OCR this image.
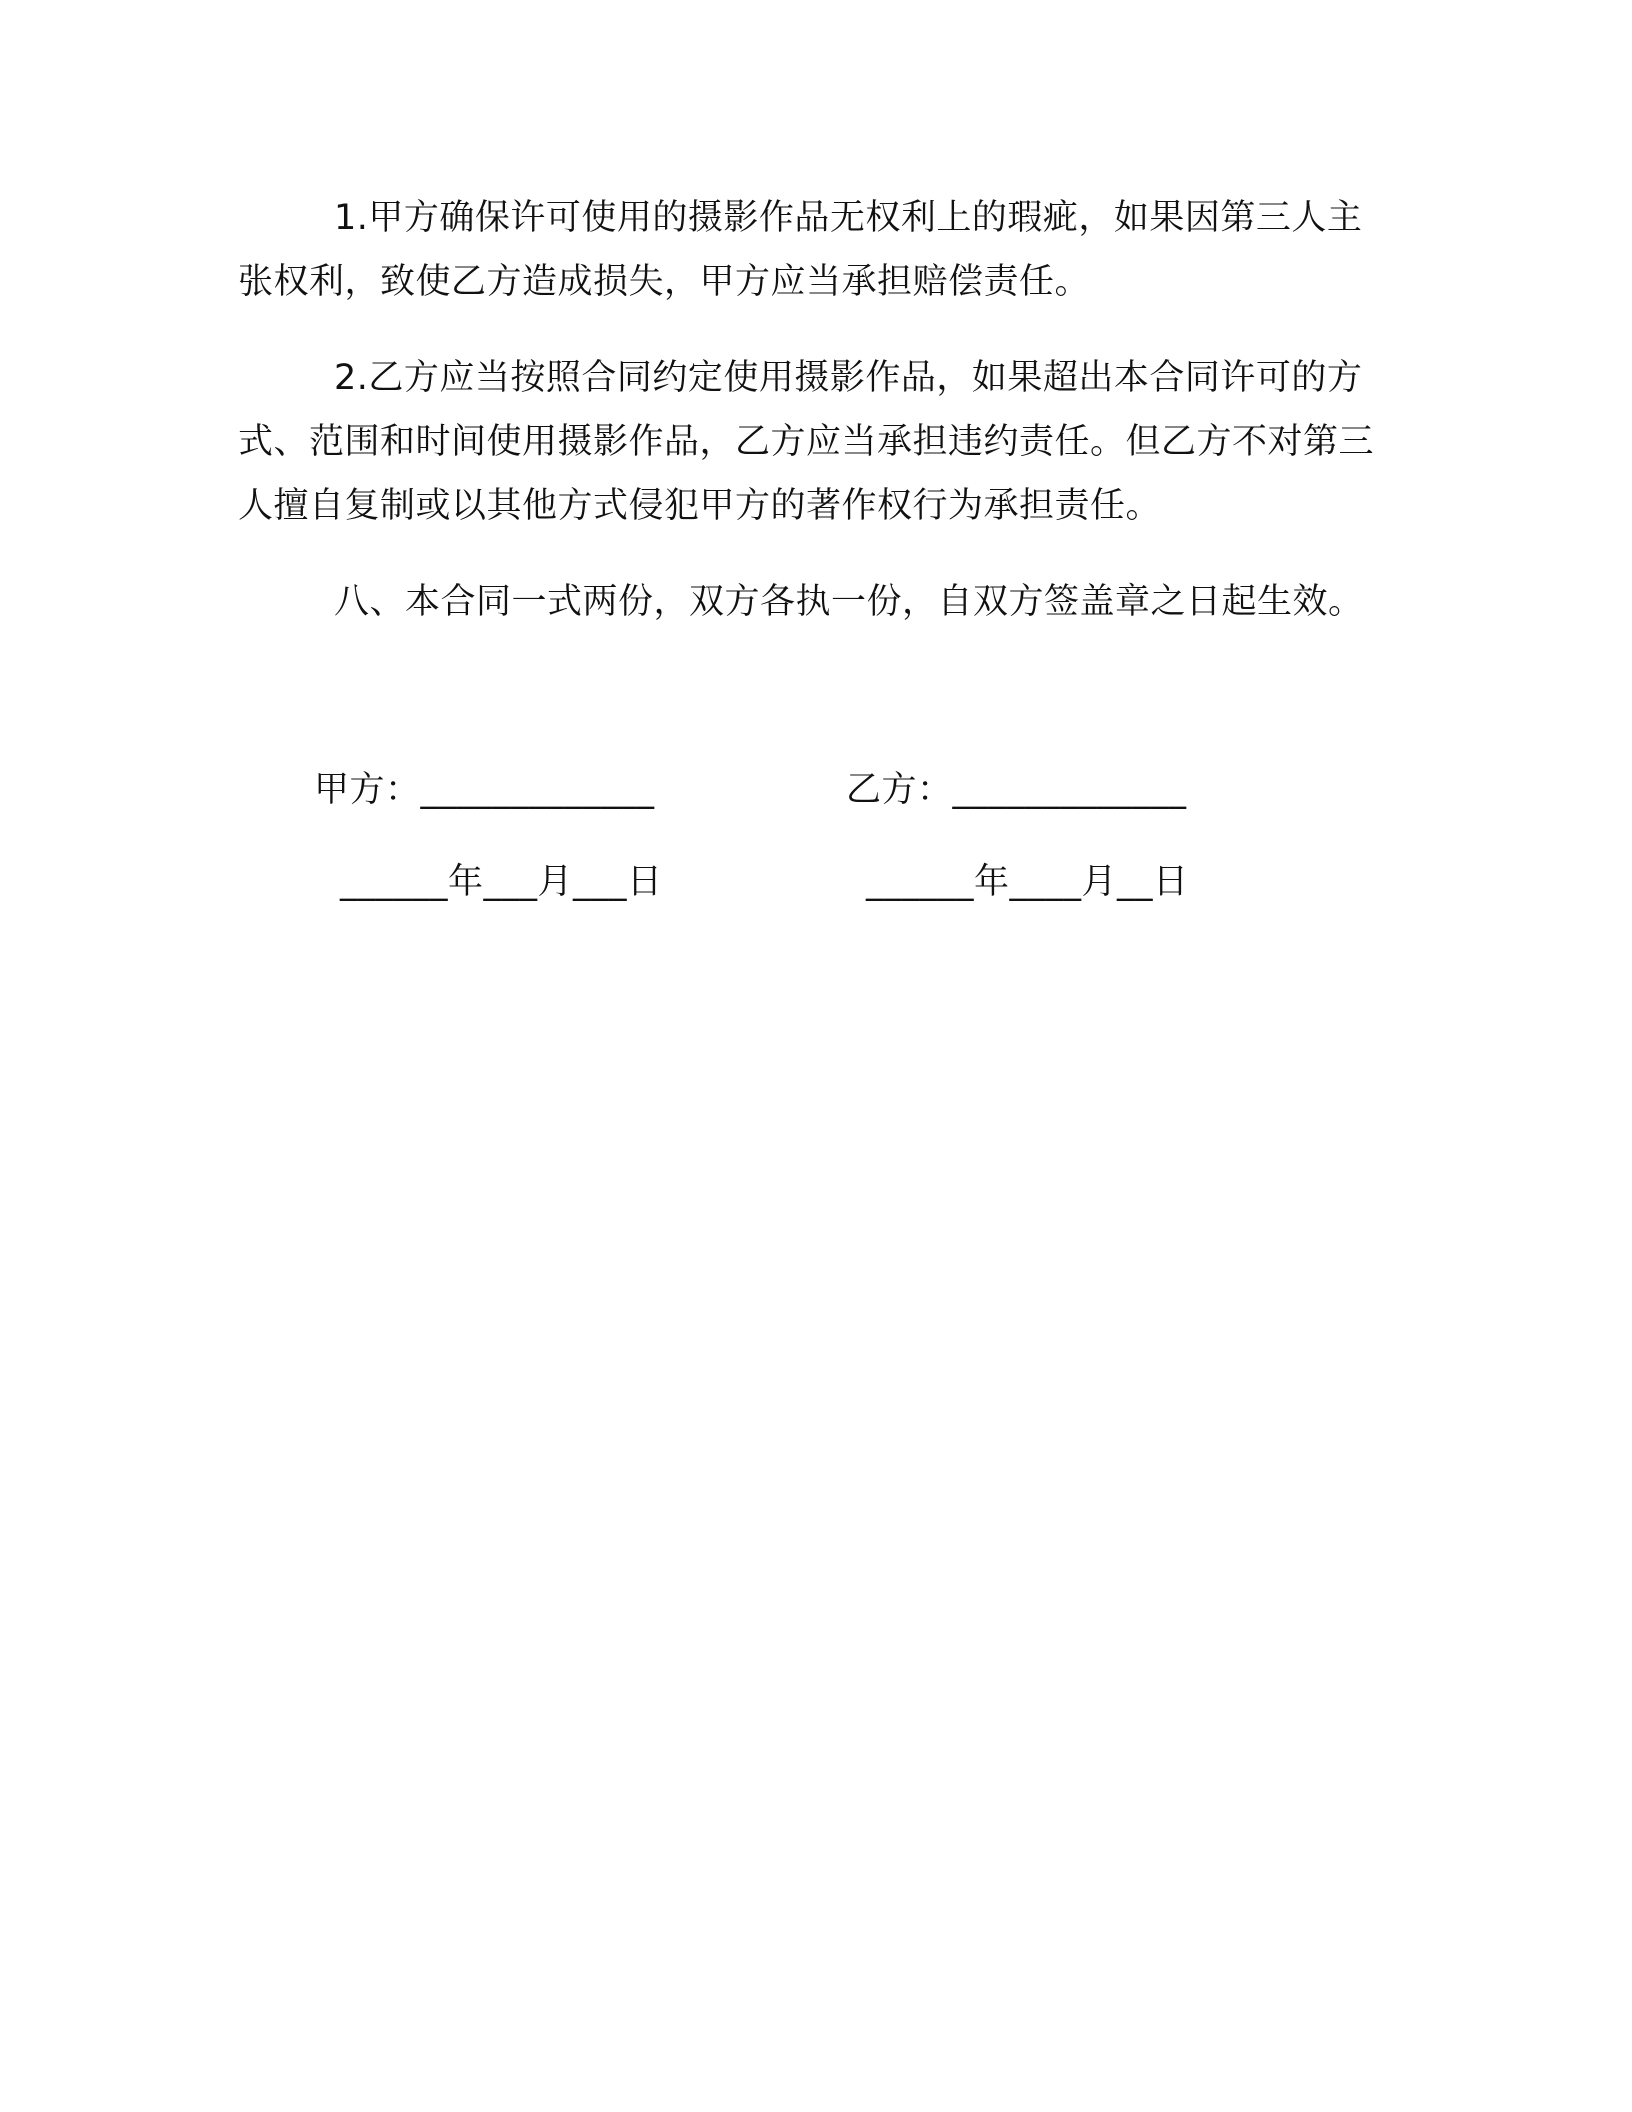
1.甲方确保许可使用的摄影作品无权利上的瑕疵，如果因第三人主张权利，致使乙方造成损失，甲方应当承担赔偿责任。

2.乙方应当按照合同约定使用摄影作品，如果超出本合同许可的方式、范围和时间使用摄影作品，乙方应当承担违约责任。但乙方不对第三人擅自复制或以其他方式侵犯甲方的著作权行为承担责任。

八、本合同一式两份，双方各执一份，自双方签盖章之日起生效。

甲方：_____________	乙方：_____________
______年___月___日	______年____月__日
